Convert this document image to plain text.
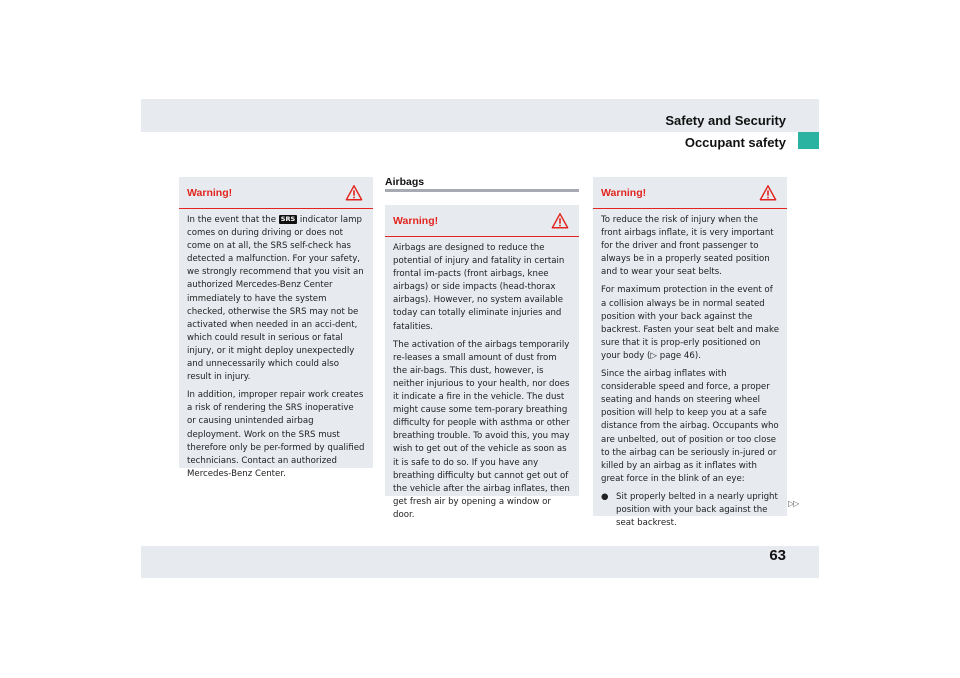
Safety and Security
Occupant safety
Warning!

In the event that the SRS indicator lamp comes on during driving or does not come on at all, the SRS self-check has detected a malfunction. For your safety, we strongly recommend that you visit an authorized Mercedes-Benz Center immediately to have the system checked, otherwise the SRS may not be activated when needed in an acci-dent, which could result in serious or fatal injury, or it might deploy unexpectedly and unnecessarily which could also result in injury.

In addition, improper repair work creates a risk of rendering the SRS inoperative or causing unintended airbag deployment. Work on the SRS must therefore only be per-formed by qualified technicians. Contact an authorized Mercedes-Benz Center.

Airbags
Warning!

Airbags are designed to reduce the potential of injury and fatality in certain frontal im-pacts (front airbags, knee airbags) or side impacts (head-thorax airbags). However, no system available today can totally eliminate injuries and fatalities.

The activation of the airbags temporarily re-leases a small amount of dust from the air-bags. This dust, however, is neither injurious to your health, nor does it indicate a fire in the vehicle. The dust might cause some tem-porary breathing difficulty for people with asthma or other breathing trouble. To avoid this, you may wish to get out of the vehicle as soon as it is safe to do so. If you have any breathing difficulty but cannot get out of the vehicle after the airbag inflates, then get fresh air by opening a window or door.

Warning!

To reduce the risk of injury when the front airbags inflate, it is very important for the driver and front passenger to always be in a properly seated position and to wear your seat belts.

For maximum protection in the event of a collision always be in normal seated position with your back against the backrest. Fasten your seat belt and make sure that it is prop-erly positioned on your body (▷ page 46).

Since the airbag inflates with considerable speed and force, a proper seating and hands on steering wheel position will help to keep you at a safe distance from the airbag. Occupants who are unbelted, out of position or too close to the airbag can be seriously in-jured or killed by an airbag as it inflates with great force in the blink of an eye:

● Sit properly belted in a nearly upright position with your back against the seat backrest.
▷▷
63
